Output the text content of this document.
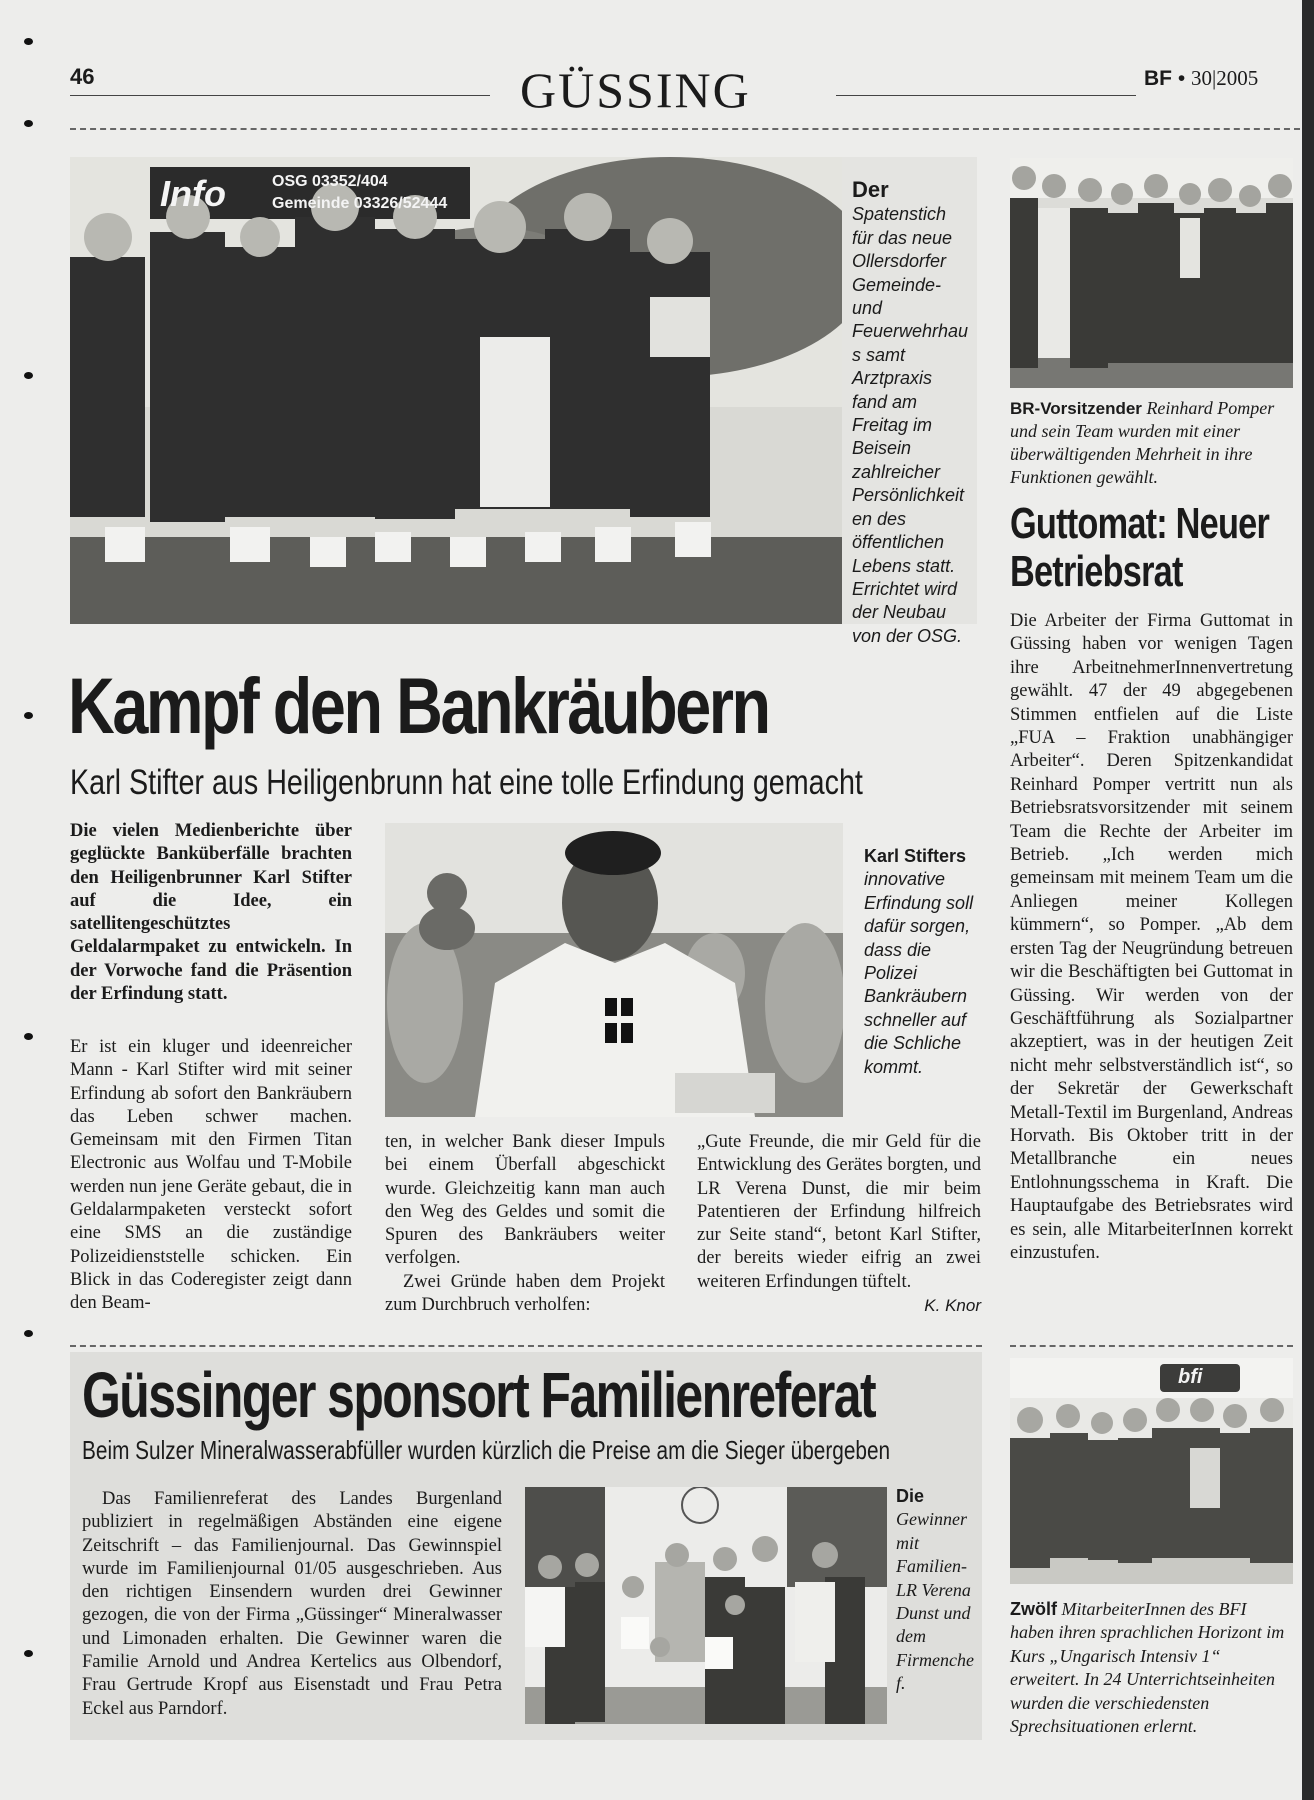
46	GÜSSING	BF • 30|2005
Info	OSG 03352/404
Gemeinde 03326/52444
Der Spatenstich für das neue Ollersdorfer Gemeinde- und Feuerwehrhaus samt Arztpraxis fand am Freitag im Beisein zahlreicher Persönlichkeiten des öffentlichen Lebens statt. Errichtet wird der Neubau von der OSG.
Kampf den Bankräubern
Karl Stifter aus Heiligenbrunn hat eine tolle Erfindung gemacht
Die vielen Medienberichte über geglückte Banküberfälle brachten den Heiligenbrunner Karl Stifter auf die Idee, ein satellitengeschütztes Geldalarmpaket zu entwickeln. In der Vorwoche fand die Präsention der Erfindung statt.
Er ist ein kluger und ideenreicher Mann - Karl Stifter wird mit seiner Erfindung ab sofort den Bankräubern das Leben schwer machen. Gemeinsam mit den Firmen Titan Electronic aus Wolfau und T-Mobile werden nun jene Geräte gebaut, die in Geldalarmpaketen versteckt sofort eine SMS an die zuständige Polizeidienststelle schicken. Ein Blick in das Coderegister zeigt dann den Beam-
Karl Stifters
innovative Erfindung soll dafür sorgen, dass die Polizei Bankräubern schneller auf die Schliche kommt.

ten, in welcher Bank dieser Impuls bei einem Überfall abgeschickt wurde. Gleichzeitig kann man auch den Weg des Geldes und somit die Spuren des Bankräubers weiter verfolgen.

Zwei Gründe haben dem Projekt zum Durchbruch verholfen:

„Gute Freunde, die mir Geld für die Entwicklung des Gerätes borgten, und LR Verena Dunst, die mir beim Patentieren der Erfindung hilfreich zur Seite stand“, betont Karl Stifter, der bereits wieder eifrig an zwei weiteren Erfindungen tüftelt.
K. Knor
BR-Vorsitzender Reinhard Pomper und sein Team wurden mit einer überwältigenden Mehrheit in ihre Funktionen gewählt.
Guttomat: Neuer Betriebsrat
Die Arbeiter der Firma Guttomat in Güssing haben vor wenigen Tagen ihre ArbeitnehmerInnenvertretung gewählt. 47 der 49 abgegebenen Stimmen entfielen auf die Liste „FUA – Fraktion unabhängiger Arbeiter“. Deren Spitzenkandidat Reinhard Pomper vertritt nun als Betriebsratsvorsitzender mit seinem Team die Rechte der Arbeiter im Betrieb. „Ich werden mich gemeinsam mit meinem Team um die Anliegen meiner Kollegen kümmern“, so Pomper. „Ab dem ersten Tag der Neugründung betreuen wir die Beschäftigten bei Guttomat in Güssing. Wir werden von der Geschäftführung als Sozialpartner akzeptiert, was in der heutigen Zeit nicht mehr selbstverständlich ist“, so der Sekretär der Gewerkschaft Metall-Textil im Burgenland, Andreas Horvath. Bis Oktober tritt in der Metallbranche ein neues Entlohnungsschema in Kraft. Die Hauptaufgabe des Betriebsrates wird es sein, alle MitarbeiterInnen korrekt einzustufen.
Güssinger sponsort Familienreferat
Beim Sulzer Mineralwasserabfüller wurden kürzlich die Preise am die Sieger übergeben
Das Familienreferat des Landes Burgenland publiziert in regelmäßigen Abständen eine eigene Zeitschrift – das Familienjournal. Das Gewinnspiel wurde im Familienjournal 01/05 ausgeschrieben. Aus den richtigen Einsendern wurden drei Gewinner gezogen, die von der Firma „Güssinger“ Mineralwasser und Limonaden erhalten. Die Gewinner waren die Familie Arnold und Andrea Kertelics aus Olbendorf, Frau Gertrude Kropf aus Eisenstadt und Frau Petra Eckel aus Parndorf.
Die Gewinner mit Familien-LR Verena Dunst und dem Firmenchef.
bfi
Zwölf MitarbeiterInnen des BFI haben ihren sprachlichen Horizont im Kurs „Ungarisch Intensiv 1“ erweitert. In 24 Unterrichtseinheiten wurden die verschiedensten Sprechsituationen erlernt.
